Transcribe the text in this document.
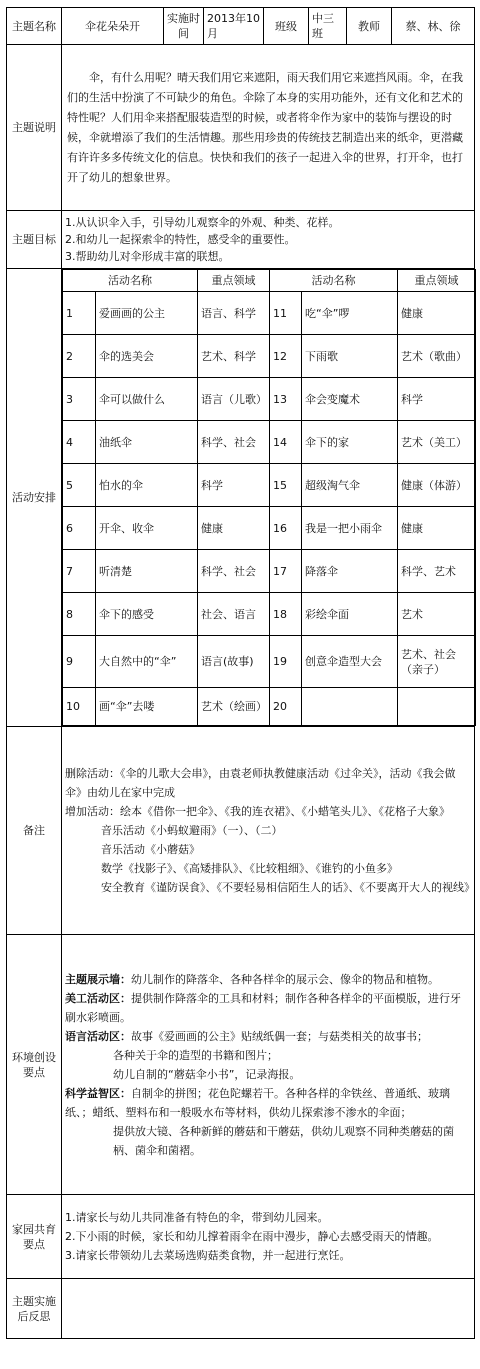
主题名称	伞花朵朵开	实施时间	2013年10月	班级	中三班	教师	蔡、林、徐
主题说明	

伞，有什么用呢？晴天我们用它来遮阳，雨天我们用它来遮挡风雨。伞，在我们的生活中扮演了不可缺少的角色。伞除了本身的实用功能外，还有文化和艺术的特性呢？人们用伞来搭配服装造型的时候，或者将伞作为家中的装饰与摆设的时候，伞就增添了我们的生活情趣。那些用珍贵的传统技艺制造出来的纸伞，更潜藏有许许多多传统文化的信息。快快和我们的孩子一起进入伞的世界，打开伞，也打开了幼儿的想象世界。

主题目标	
1.从认识伞入手，引导幼儿观察伞的外观、种类、花样。
2.和幼儿一起探索伞的特性，感受伞的重要性。
3.帮助幼儿对伞形成丰富的联想。

活动安排	
活动名称	重点领域	活动名称	重点领域
1	爱画画的公主	语言、科学	11	吃“伞”啰	健康
2	伞的选美会	艺术、科学	12	下雨歌	艺术（歌曲）
3	伞可以做什么	语言（儿歌）	13	伞会变魔术	科学
4	油纸伞	科学、社会	14	伞下的家	艺术（美工）
5	怕水的伞	科学	15	超级淘气伞	健康（体游）
6	开伞、收伞	健康	16	我是一把小雨伞	健康
7	听清楚	科学、社会	17	降落伞	科学、艺术
8	伞下的感受	社会、语言	18	彩绘伞面	艺术
9	大自然中的“伞”	语言(故事)	19	创意伞造型大会	艺术、社会（亲子）
10	画“伞”去喽	艺术（绘画）	20		

备注	
删除活动：《伞的儿歌大会串》，由袁老师执教健康活动《过伞关》，活动《我会做伞》由幼儿在家中完成
增加活动：绘本《借你一把伞》、《我的连衣裙》、《小蜡笔头儿》、《花格子大象》
音乐活动《小蚂蚁避雨》（一）、（二）
音乐活动《小蘑菇》
数学《找影子》、《高矮排队》、《比较粗细》、《谁钓的小鱼多》
安全教育《谨防误食》、《不要轻易相信陌生人的话》、《不要离开大人的视线》

环境创设要点	
主题展示墙：幼儿制作的降落伞、各种各样伞的展示会、像伞的物品和植物。
美工活动区：提供制作降落伞的工具和材料；制作各种各样伞的平面模版，进行牙刷水彩喷画。
语言活动区：故事《爱画画的公主》贴绒纸偶一套；与菇类相关的故事书；
各种关于伞的造型的书籍和图片；
幼儿自制的“蘑菇伞小书”，记录海报。
科学益智区：自制伞的拼图；花色陀螺若干。各种各样的伞铁丝、普通纸、玻璃纸、；蜡纸、塑料布和一般吸水布等材料，供幼儿探索渗不渗水的伞面；
提供放大镜、各种新鲜的蘑菇和干蘑菇，供幼儿观察不同种类蘑菇的菌柄、菌伞和菌褶。

家园共育要点	
1.请家长与幼儿共同准备有特色的伞，带到幼儿园来。
2.下小雨的时候，家长和幼儿撑着雨伞在雨中漫步，静心去感受雨天的情趣。
3.请家长带领幼儿去菜场选购菇类食物，并一起进行烹饪。

主题实施后反思	
